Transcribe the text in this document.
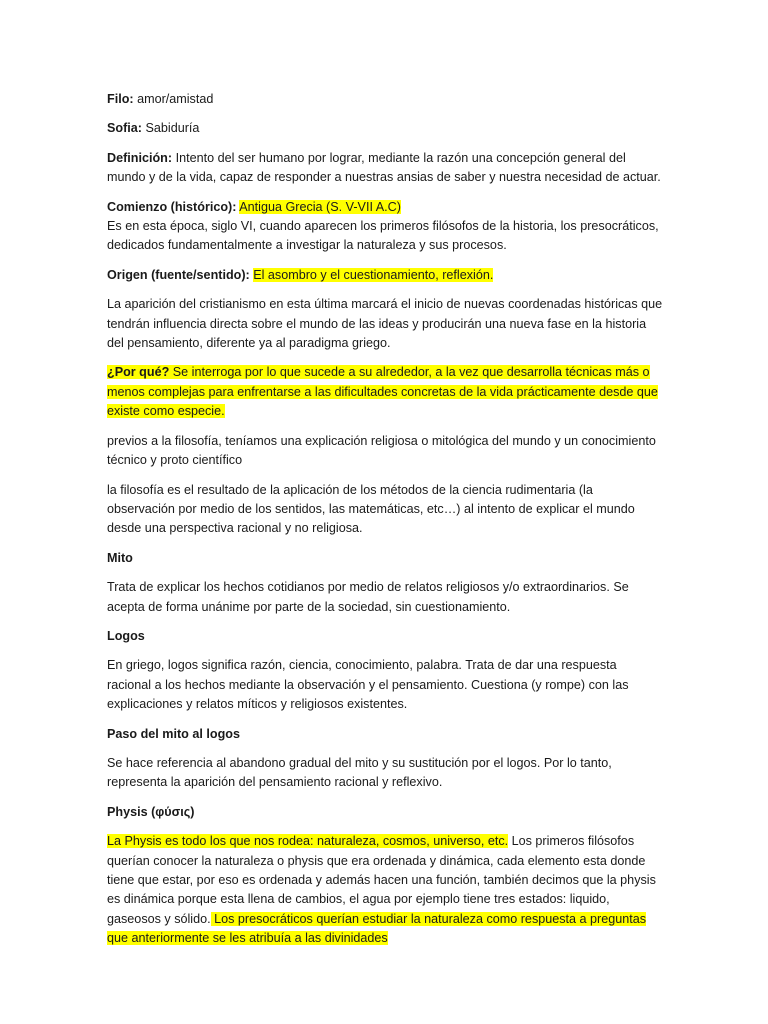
Filo: amor/amistad

Sofia: Sabiduría

Definición: Intento del ser humano por lograr, mediante la razón una concepción general del mundo y de la vida, capaz de responder a nuestras ansias de saber y nuestra necesidad de actuar.

Comienzo (histórico): Antigua Grecia (S. V-VII A.C)
Es en esta época, siglo VI, cuando aparecen los primeros filósofos de la historia, los presocráticos, dedicados fundamentalmente a investigar la naturaleza y sus procesos.

Origen (fuente/sentido): El asombro y el cuestionamiento, reflexión.

La aparición del cristianismo en esta última marcará el inicio de nuevas coordenadas históricas que tendrán influencia directa sobre el mundo de las ideas y producirán una nueva fase en la historia del pensamiento, diferente ya al paradigma griego.

¿Por qué? Se interroga por lo que sucede a su alrededor, a la vez que desarrolla técnicas más o menos complejas para enfrentarse a las dificultades concretas de la vida prácticamente desde que existe como especie.

previos a la filosofía, teníamos una explicación religiosa o mitológica del mundo y un conocimiento técnico y proto científico

la filosofía es el resultado de la aplicación de los métodos de la ciencia rudimentaria (la observación por medio de los sentidos, las matemáticas, etc…) al intento de explicar el mundo desde una perspectiva racional y no religiosa.

Mito

Trata de explicar los hechos cotidianos por medio de relatos religiosos y/o extraordinarios. Se acepta de forma unánime por parte de la sociedad, sin cuestionamiento.

Logos

En griego, logos significa razón, ciencia, conocimiento, palabra. Trata de dar una respuesta racional a los hechos mediante la observación y el pensamiento. Cuestiona (y rompe) con las explicaciones y relatos míticos y religiosos existentes.

Paso del mito al logos

Se hace referencia al abandono gradual del mito y su sustitución por el logos. Por lo tanto, representa la aparición del pensamiento racional y reflexivo.

Physis (φύσις)

La Physis es todo los que nos rodea: naturaleza, cosmos, universo, etc. Los primeros filósofos querían conocer la naturaleza o physis que era ordenada y dinámica, cada elemento esta donde tiene que estar, por eso es ordenada y además hacen una función, también decimos que la physis es dinámica porque esta llena de cambios, el agua por ejemplo tiene tres estados: liquido, gaseosos y sólido. Los presocráticos querían estudiar la naturaleza como respuesta a preguntas que anteriormente se les atribuía a las divinidades
